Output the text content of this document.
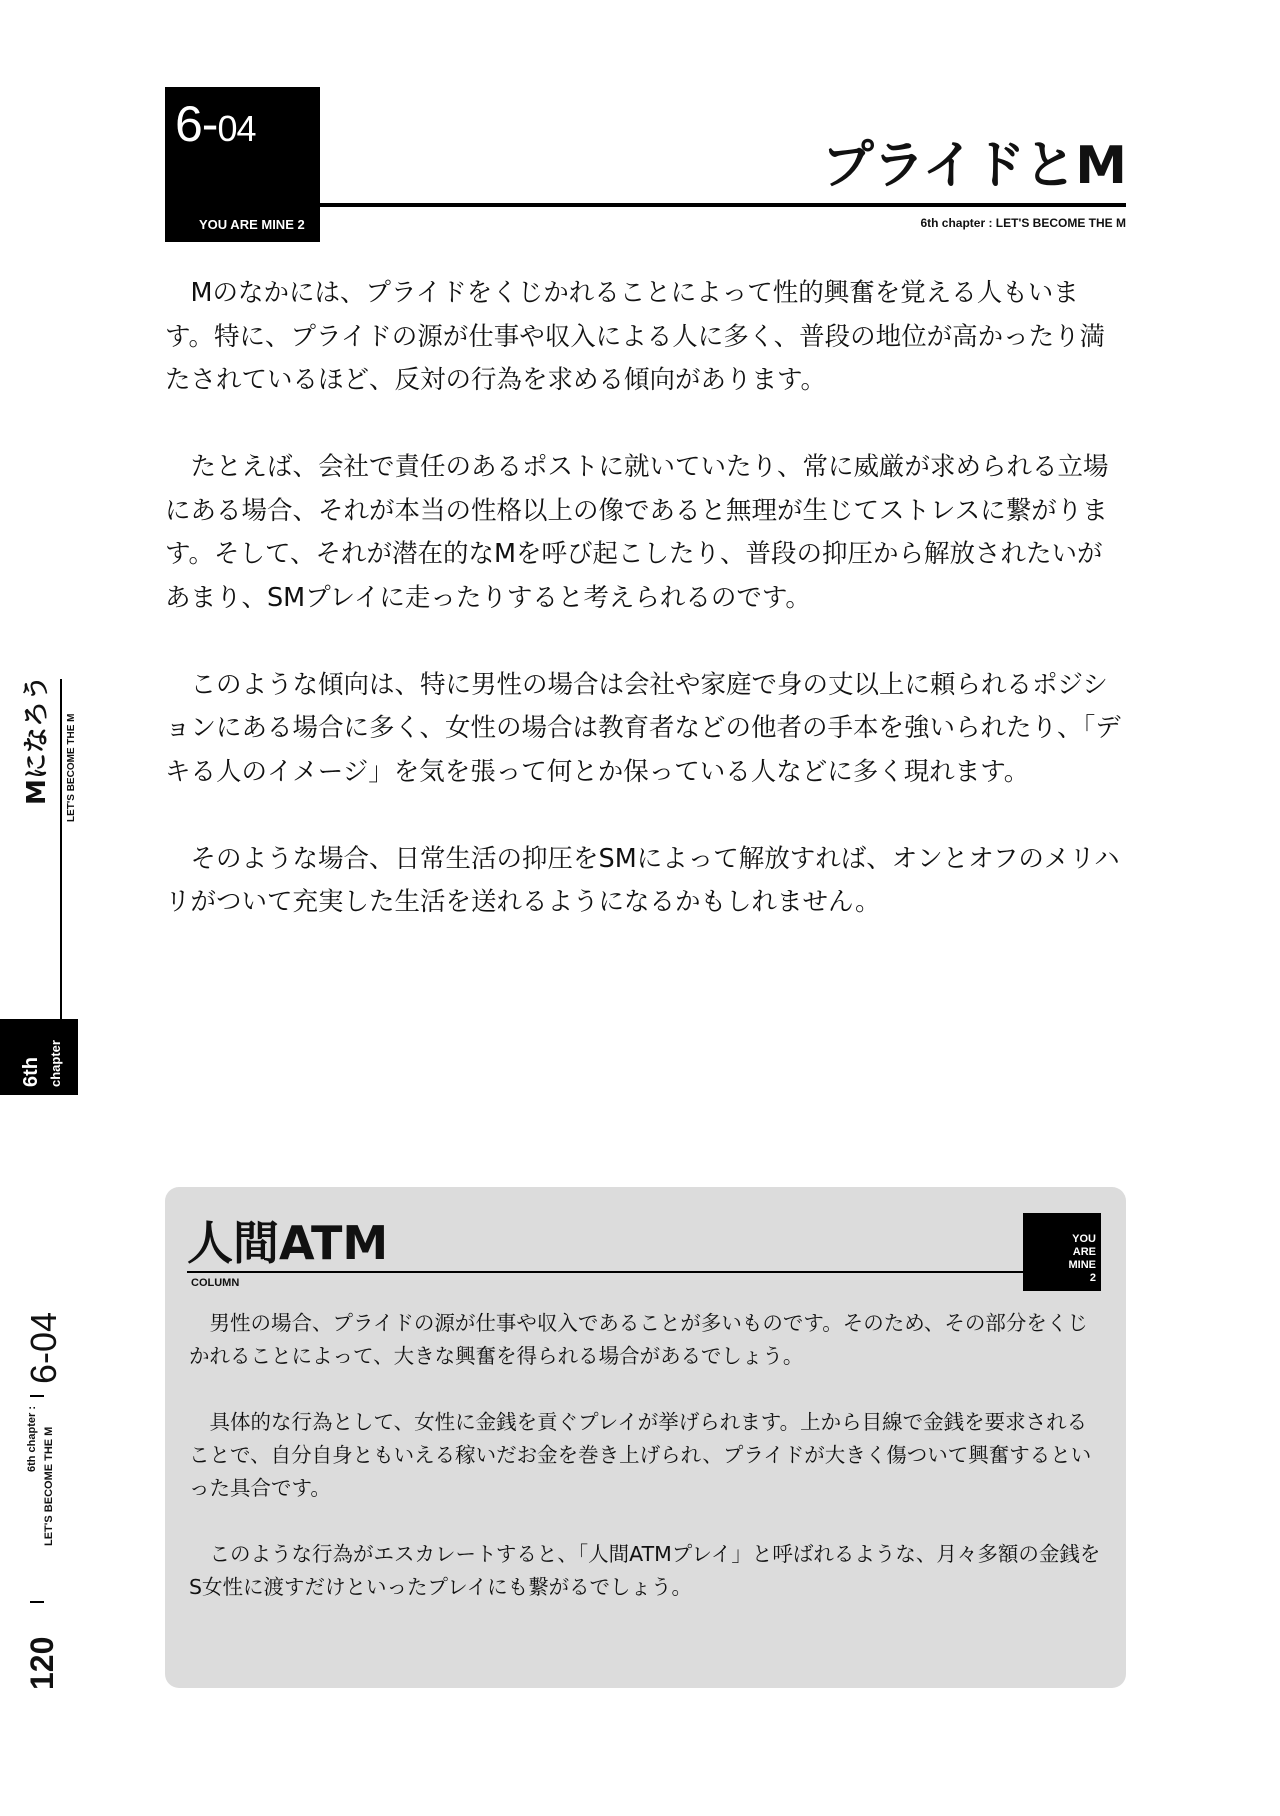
6-04
YOU ARE MINE 2
プライドとM
6th chapter : LET'S BECOME THE M

Mのなかには、プライドをくじかれることによって性的興奮を覚える人もいます。特に、プライドの源が仕事や収入による人に多く、普段の地位が高かったり満たされているほど、反対の行為を求める傾向があります。

たとえば、会社で責任のあるポストに就いていたり、常に威厳が求められる立場にある場合、それが本当の性格以上の像であると無理が生じてストレスに繋がります。そして、それが潜在的なMを呼び起こしたり、普段の抑圧から解放されたいがあまり、SMプレイに走ったりすると考えられるのです。

このような傾向は、特に男性の場合は会社や家庭で身の丈以上に頼られるポジションにある場合に多く、女性の場合は教育者などの他者の手本を強いられたり、「デキる人のイメージ」を気を張って何とか保っている人などに多く現れます。

そのような場合、日常生活の抑圧をSMによって解放すれば、オンとオフのメリハリがついて充実した生活を送れるようになるかもしれません。

人間ATM
COLUMN
YOU
ARE
MINE
2

男性の場合、プライドの源が仕事や収入であることが多いものです。そのため、その部分をくじかれることによって、大きな興奮を得られる場合があるでしょう。

具体的な行為として、女性に金銭を貢ぐプレイが挙げられます。上から目線で金銭を要求されることで、自分自身ともいえる稼いだお金を巻き上げられ、プライドが大きく傷ついて興奮するといった具合です。

このような行為がエスカレートすると、「人間ATMプレイ」と呼ばれるような、月々多額の金銭をS女性に渡すだけといったプレイにも繋がるでしょう。

Mになろう LET'S BECOME THE M
6th chapter
6-04
6th chapter : LET'S BECOME THE M
120
